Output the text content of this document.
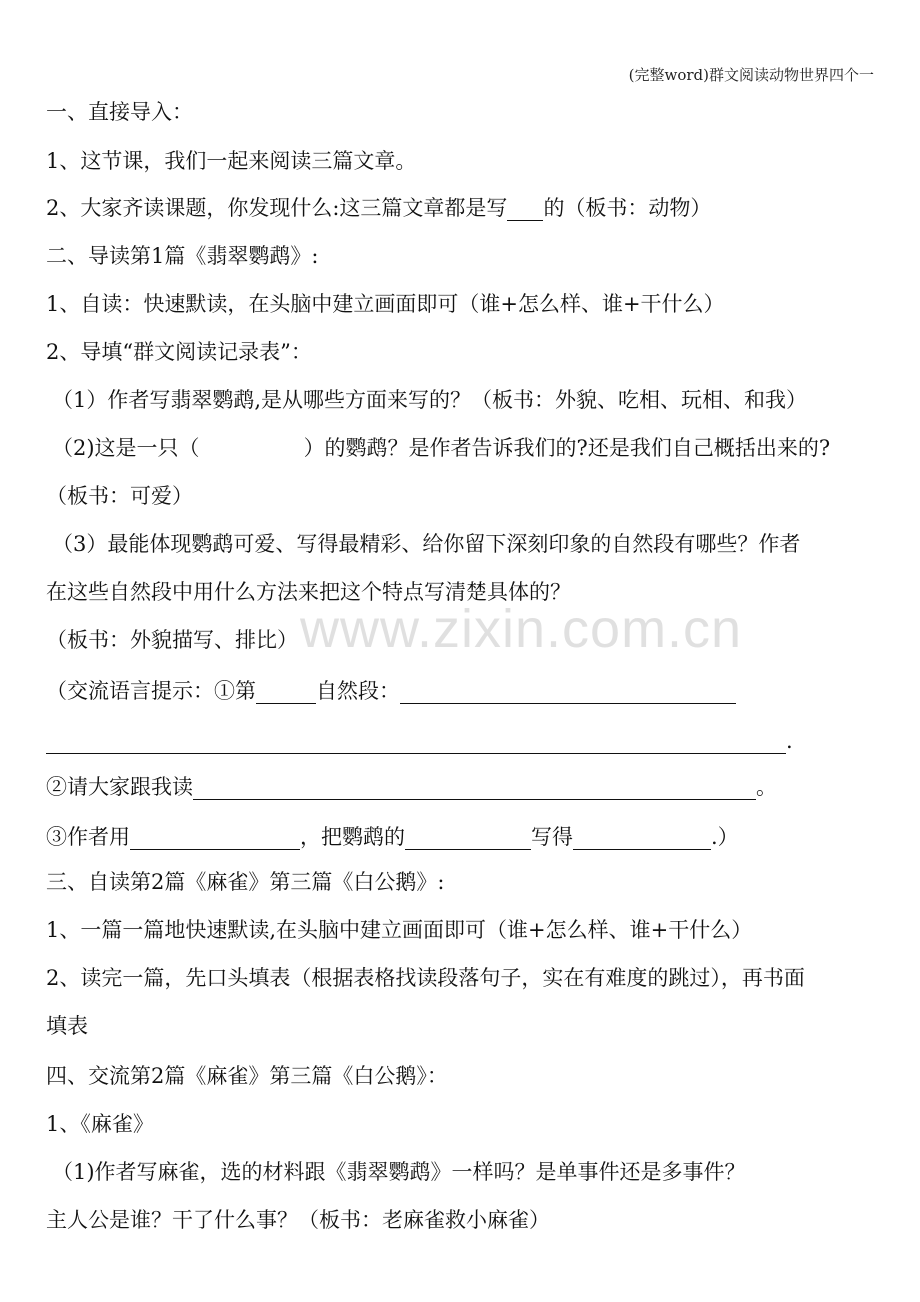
(完整word)群文阅读动物世界四个一
www.zixin.com.cn
一、直接导入：
1、这节课，我们一起来阅读三篇文章。
2、大家齐读课题，你发现什么:这三篇文章都是写 的（板书：动物）
二、导读第1篇《翡翠鹦鹉》:
1、自读：快速默读，在头脑中建立画面即可（谁+怎么样、谁+干什么）
2、导填“群文阅读记录表”：
（1）作者写翡翠鹦鹉,是从哪些方面来写的？（板书：外貌、吃相、玩相、和我）
（2)这是一只（	）的鹦鹉？是作者告诉我们的?还是我们自己概括出来的?
（板书：可爱）
（3）最能体现鹦鹉可爱、写得最精彩、给你留下深刻印象的自然段有哪些？作者
在这些自然段中用什么方法来把这个特点写清楚具体的？
（板书：外貌描写、排比）
（交流语言提示：①第	自然段：
.
②请大家跟我读	。
③作者用	，把鹦鹉的	写得	.）
三、自读第2篇《麻雀》第三篇《白公鹅》:
1、一篇一篇地快速默读,在头脑中建立画面即可（谁+怎么样、谁+干什么）
2、读完一篇，先口头填表（根据表格找读段落句子，实在有难度的跳过），再书面
填表
四、交流第2篇《麻雀》第三篇《白公鹅》：
1、《麻雀》
（1)作者写麻雀，选的材料跟《翡翠鹦鹉》一样吗？是单事件还是多事件？
主人公是谁？干了什么事？（板书：老麻雀救小麻雀）
